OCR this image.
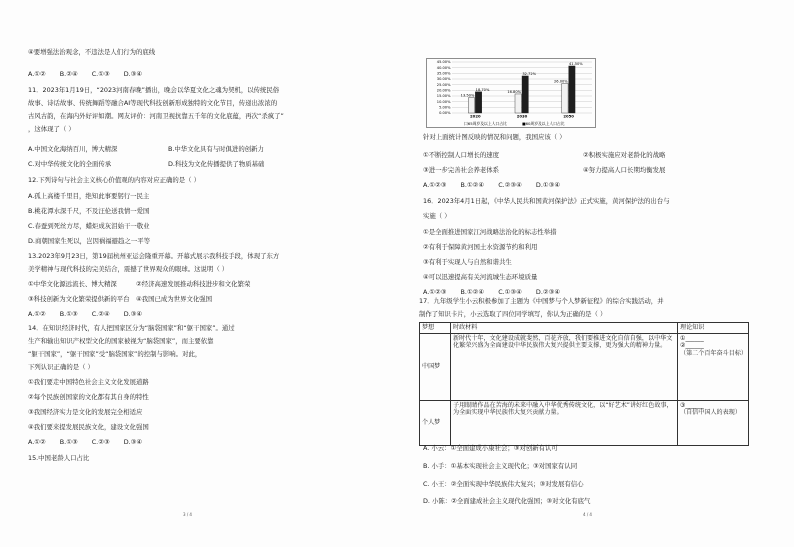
④要增强法治观念，不违法是人们行为的底线
A.①② B.②④ C.①③ D.③④
11．2023年1月19日，“2023河南春晚”播出，晚会以华夏文化之魂为契机，以传统民俗
故事、诗话故事、传统舞蹈等融合AI等现代科技创新形成独特的文化节目，传递出浓浓的
古风古韵，在海内外好评如潮。网友评价：河南卫视抗靠五千年的文化底蕴，再次“杀疯了”
，这体现了（ ）
A.中国文化海纳百川，博大精深	B.中华文化具有与时俱进的创新力
C.对中华传统文化的全面传承	D.科技为文化传播提供了物质基础
12.下列诗句与社会主义核心价值观的内容对应正确的是（ ）
A.孤上高楼千里目，绝知此事要躬行一民主
B.桃花潭水深千尺，不及汪伦送我情一爱国
C.春蚕到死丝方尽，蜡炬成灰泪始干一敬业
D.商朝国家生死以，岂因祸福避趋之一平等
13.2023年9月23日，第19届杭州亚运会隆重开幕。开幕式展示我科技手段，体现了东方
美学精神与现代科技的完美结合，震撼了世界观众的眼球。这说明（ ）
①中华文化源远流长、博大精深　　　②经济高速发展推动科技进步和文化繁荣
③科技创新为文化繁荣提供新的平台　④我国已成为世界文化强国
A.①② B.①③ C.②④ D.③④
14．在知识经济时代，有人把国家区分为“脑袋国家”和“躯干国家”。通过
生产和输出知识产权型文化的国家被视为“脑袋国家”，而主要依靠
“躯干国家”，“躯干国家”受“脑袋国家”的控制与影响。对此，
下列认识正确的是（ ）
①我们要走中国特色社会主义文化发展道路
②每个民族创国家的文化都有其自身的特性
③我国经济实力是文化的发展完全相适应
④我们要来提发展民族文化，建设文化强国
A.①② B.①③ C.②③ D.③④
15.中国老龄人口占比
3 / 4
45.00%
40.00%
35.00%
30.00%
25.00%
20.00%
15.00%
10.00%
5.00%
0.00%
13.50%
18.70%
16.80%
32.72%
26.00%
41.50%
2020	2030	2050
口65周岁及以上人口占比	■60周岁及以上人口占比
针对上面统计图反映的情况和问题，我国应该（ ）
①不断控制人口增长的速度	②积极实施应对老龄化的战略
③进一步完善社会养老体系	④努力提高人口长期均衡发展
A.①②③ B.①②④ C.②③④ D.①③④
16．2023年4月1日起，《中华人民共和国黄河保护法》正式实施，黄河保护法的出台与
实施（ ）
①是全面推进国家江河战略法治化的标志性举措
②有利于保障黄河国土水资源节约和利用
③有利于实现人与自然和谐共生
④可以迅速提高有关河流城生态环境质量
A.①②③ B.①②④ C.①③④ D.②③④
17．九年级学生小云积极参加了主题为《中国梦与个人梦新征程》的综合实践活动，并
制作了知识卡片，小云选取了四位同学填写，你认为正确的是（ ）
梦想	时政材料	理论知识
中国梦	新时代十年，文化建设成就斐然，百花齐放，我们要推进文化自信自强，以中华文化繁荣兴盛为全面建设中华民族伟大复兴提供主要支撑，更为强大的精神力量。	①______
②______
（第二个百年奋斗目标）

个人梦	子用眼睛作品在苦海的未来中融入中华优秀传统文化，以“好艺术”讲好红色故事，为全面实现中华民族伟大复兴贡献力量。	③______
（自信中国人的表现）
A. 小云：①全面建成小康社会；③对创新有认可
B. 小手：①基本实现社会主义现代化；③对国家有认同
C. 小王：②全面实现中华民族伟大复兴；③对发展有信心
D. 小陈：②全面建成社会主义现代化强国；③对文化有底气
4 / 4
